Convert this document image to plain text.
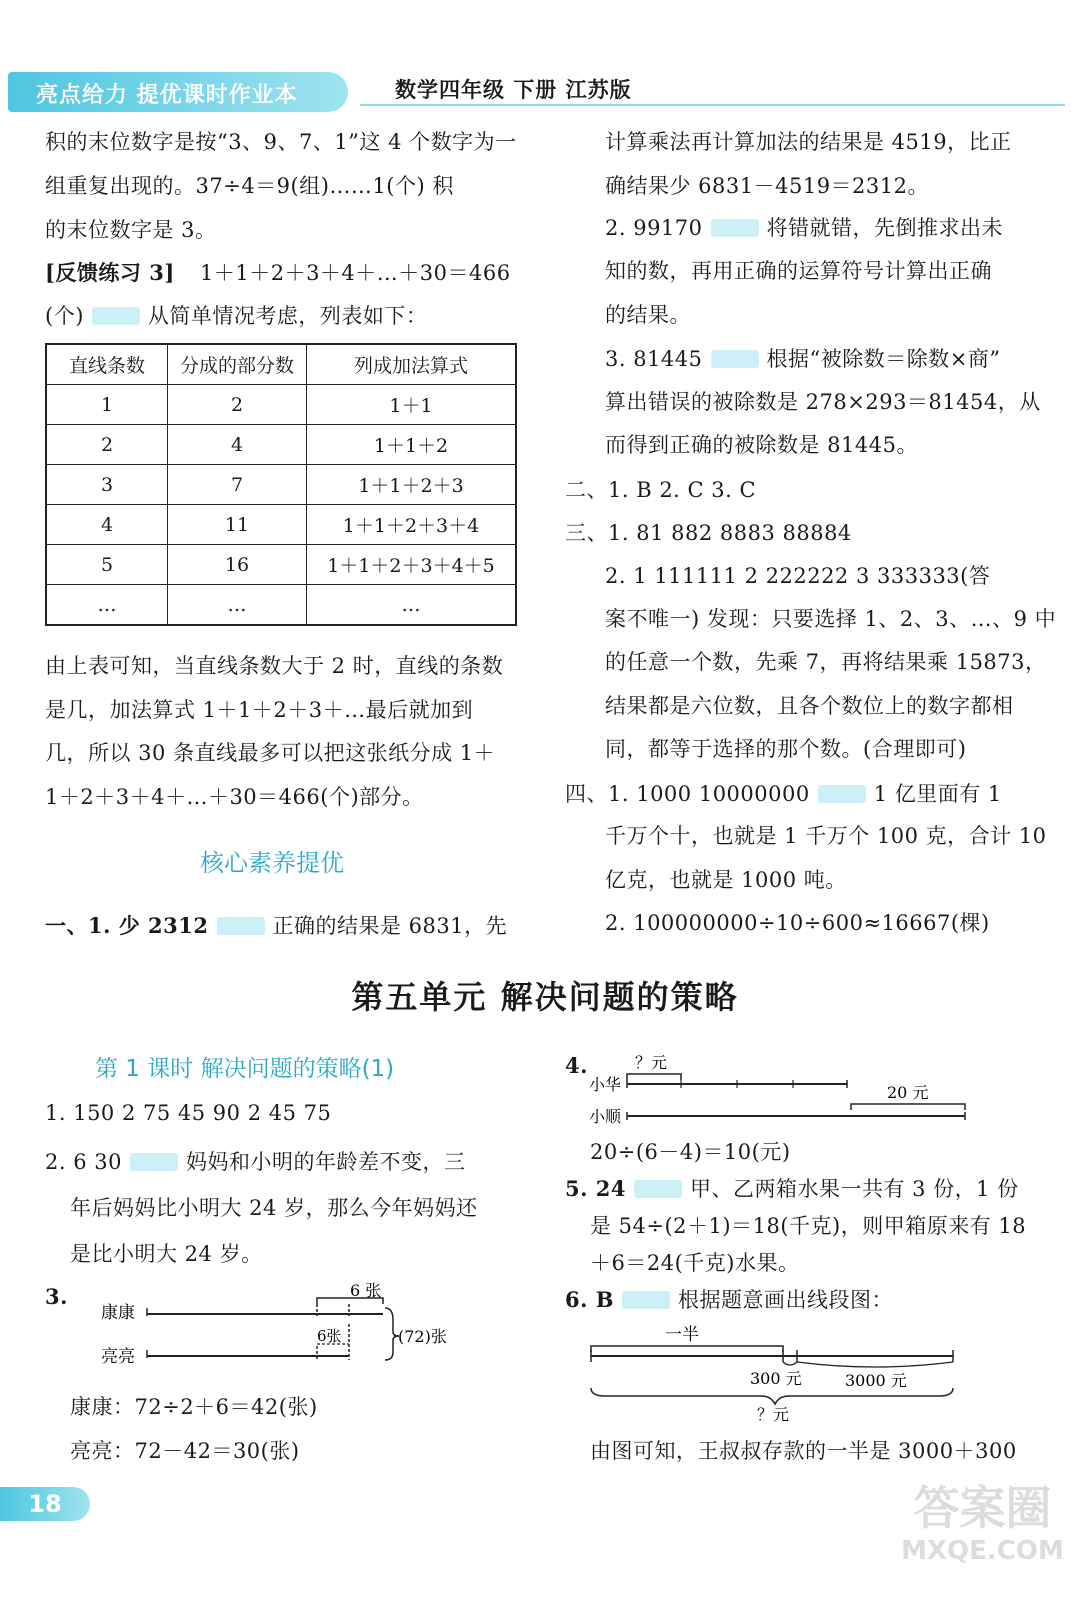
亮点给力 提优课时作业本	数学四年级 下册 江苏版
积的末位数字是按“3、9、7、1”这 4 个数字为一
组重复出现的。37÷4＝9(组)……1(个) 积
的末位数字是 3。
[反馈练习 3] 1＋1＋2＋3＋4＋…＋30＝466
(个)	从简单情况考虑，列表如下：
直线条数	分成的部分数	列成加法算式
1	2	1＋1
2	4	1＋1＋2
3	7	1＋1＋2＋3
4	11	1＋1＋2＋3＋4
5	16	1＋1＋2＋3＋4＋5
…	…	…
由上表可知，当直线条数大于 2 时，直线的条数
是几，加法算式 1＋1＋2＋3＋…最后就加到
几，所以 30 条直线最多可以把这张纸分成 1＋
1＋2＋3＋4＋…＋30＝466(个)部分。
核心素养提优
一、1. 少 2312	正确的结果是 6831，先
计算乘法再计算加法的结果是 4519，比正
确结果少 6831－4519＝2312。
2. 99170	将错就错，先倒推求出未
知的数，再用正确的运算符号计算出正确
的结果。
3. 81445	根据“被除数＝除数×商”
算出错误的被除数是 278×293＝81454，从
而得到正确的被除数是 81445。
二、1. B 2. C 3. C
三、1. 81 882 8883 88884
2. 1 111111 2 222222 3 333333(答
案不唯一) 发现：只要选择 1、2、3、…、9 中
的任意一个数，先乘 7，再将结果乘 15873，
结果都是六位数，且各个数位上的数字都相
同，都等于选择的那个数。(合理即可)
四、1. 1000 10000000	1 亿里面有 1
千万个十，也就是 1 千万个 100 克，合计 10
亿克，也就是 1000 吨。
2. 100000000÷10÷600≈16667(棵)
第五单元 解决问题的策略
第 1 课时 解决问题的策略(1)
1. 150 2 75 45 90 2 45 75
2. 6 30	妈妈和小明的年龄差不变，三
年后妈妈比小明大 24 岁，那么今年妈妈还
是比小明大 24 岁。
3.
康康
亮亮
6 张
6张	(72)张
康康：72÷2＋6＝42(张)
亮亮：72－42＝30(张)
4.	？元
小华	20 元
小顺
20÷(6－4)＝10(元)
5. 24	甲、乙两箱水果一共有 3 份，1 份
是 54÷(2＋1)＝18(千克)，则甲箱原来有 18
＋6＝24(千克)水果。
6. B	根据题意画出线段图：
一半
300 元	3000 元
？元
由图可知，王叔叔存款的一半是 3000＋300
18	答案圈
MXQE.COM
